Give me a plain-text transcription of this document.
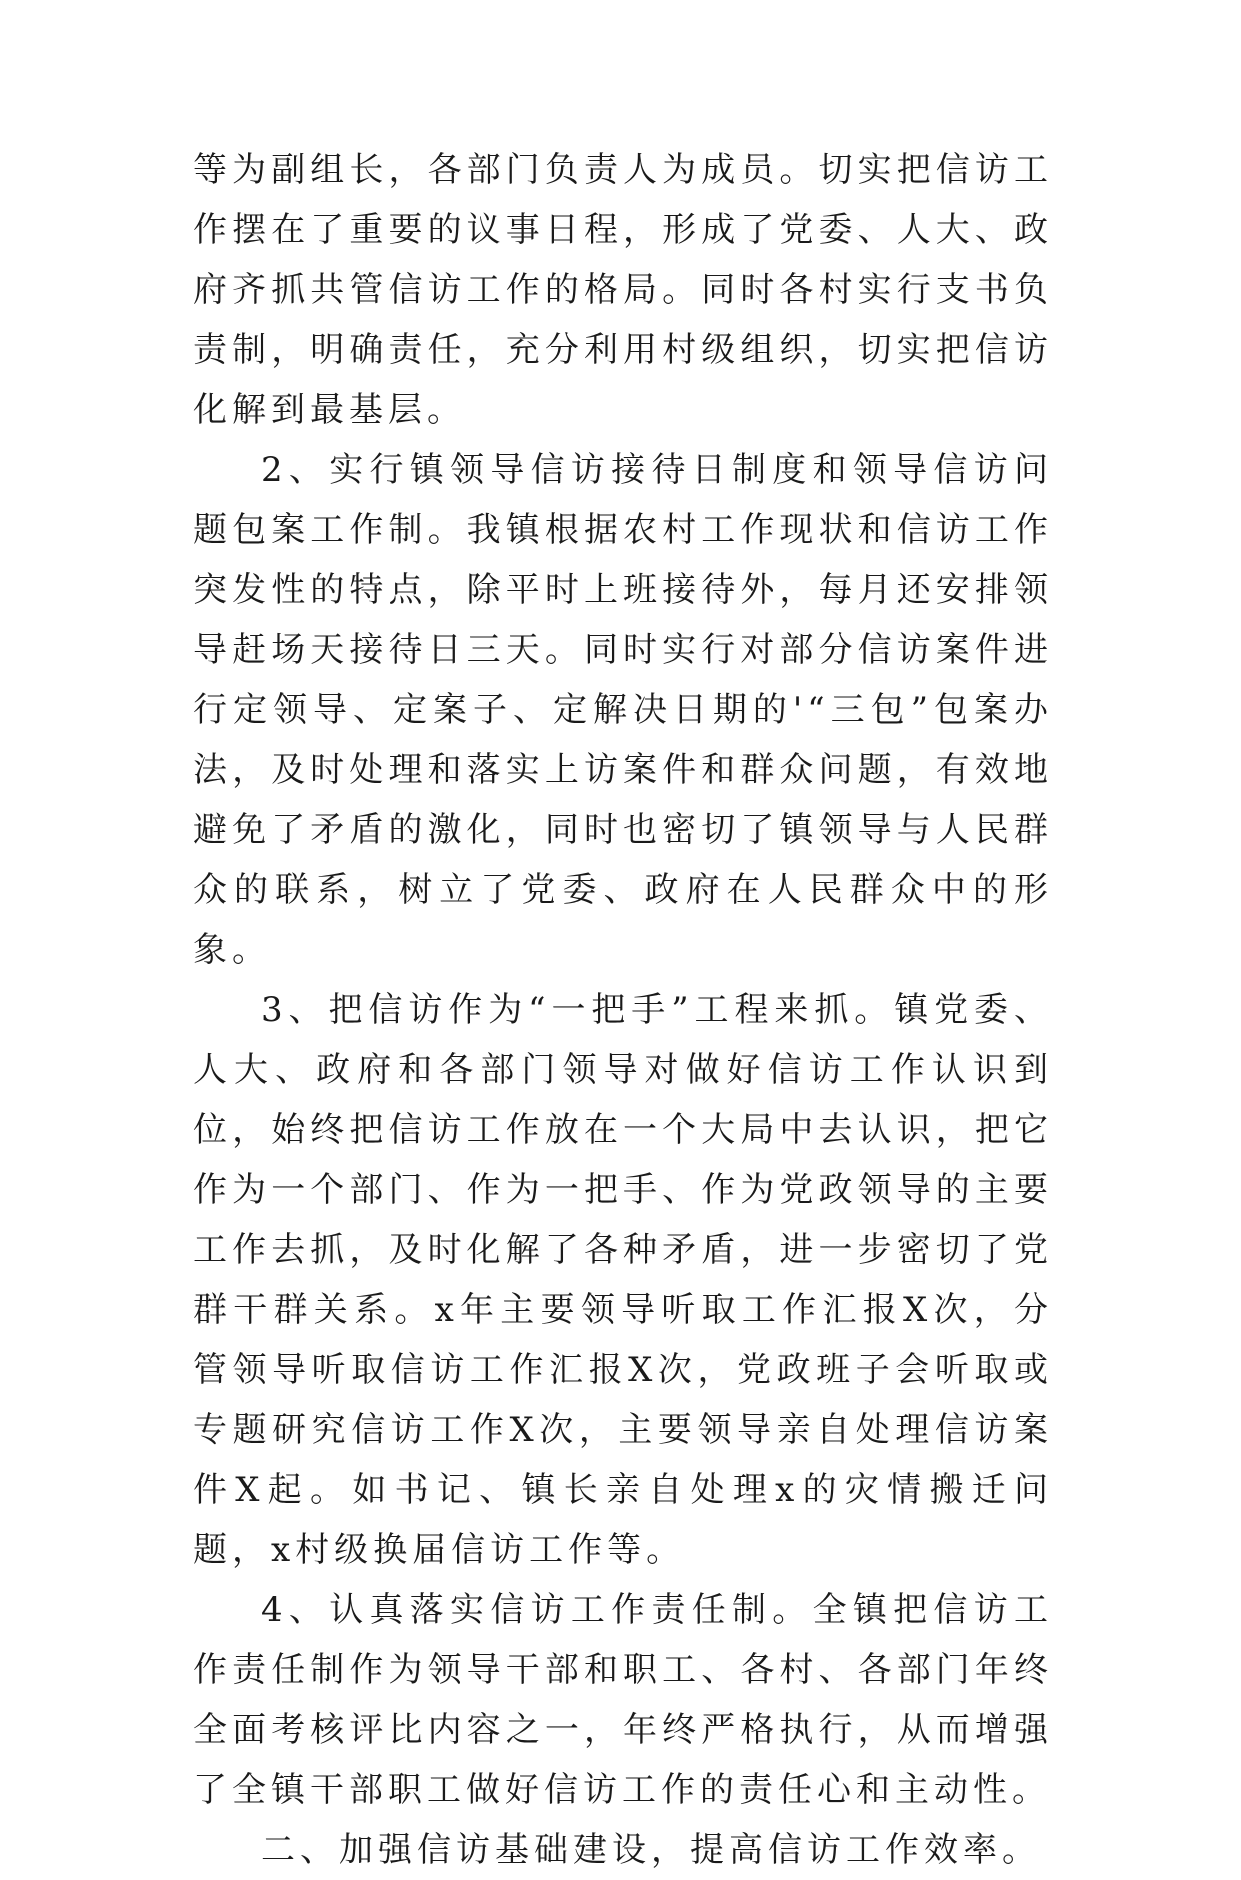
等为副组长，各部门负责人为成员。切实把信访工作摆在了重要的议事日程，形成了党委、人大、政府齐抓共管信访工作的格局。同时各村实行支书负责制，明确责任，充分利用村级组织，切实把信访化解到最基层。

2、实行镇领导信访接待日制度和领导信访问题包案工作制。我镇根据农村工作现状和信访工作突发性的特点，除平时上班接待外，每月还安排领导赶场天接待日三天。同时实行对部分信访案件进行定领导、定案子、定解决日期的'“三包”包案办法，及时处理和落实上访案件和群众问题，有效地避免了矛盾的激化，同时也密切了镇领导与人民群众的联系，树立了党委、政府在人民群众中的形象。

3、把信访作为“一把手”工程来抓。镇党委、人大、政府和各部门领导对做好信访工作认识到位，始终把信访工作放在一个大局中去认识，把它作为一个部门、作为一把手、作为党政领导的主要工作去抓，及时化解了各种矛盾，进一步密切了党群干群关系。x年主要领导听取工作汇报X次，分管领导听取信访工作汇报X次，党政班子会听取或专题研究信访工作X次，主要领导亲自处理信访案件X起。如书记、镇长亲自处理x的灾情搬迁问题，x村级换届信访工作等。

4、认真落实信访工作责任制。全镇把信访工作责任制作为领导干部和职工、各村、各部门年终全面考核评比内容之一，年终严格执行，从而增强了全镇干部职工做好信访工作的责任心和主动性。

二、加强信访基础建设，提高信访工作效率。
